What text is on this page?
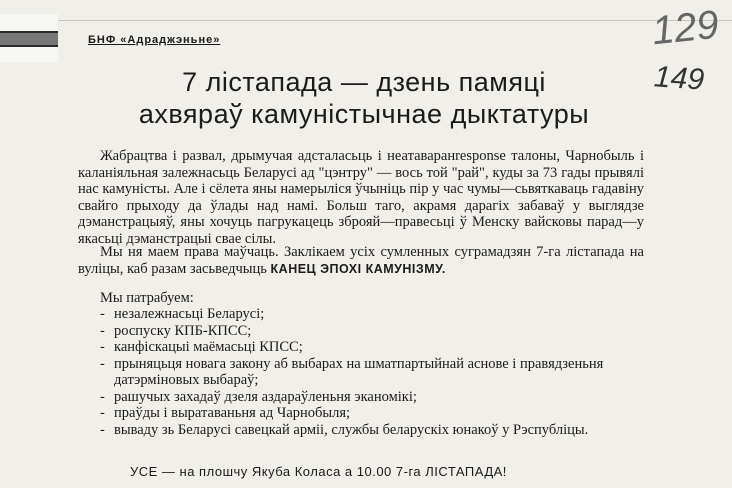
БНФ «Адраджэньне»	129
149
7 лістапада — дзень памяці
ахвяраў камуністычнае дыктатуры
Жабрацтва і развал, дрымучая адсталасьць і неатаваранresponse талоны, Чарнобыль і каланіяльная залежнасьць Беларусі ад "цэнтру" — вось той "рай", куды за 73 гады прывялі нас камуністы. Але і сёлета яны намерыліся ўчыніць пір у час чумы—сьвяткаваць гадавіну свайго прыходу да ўлады над намі. Больш таго, акрамя дарагіх забаваў у выглядзе дэманстрацыяў, яны хочуць пагрукацець зброяй—правесьці ў Менску вайсковы парад—у якасьці дэманстрацыі свае сілы.
Мы ня маем права маўчаць. Заклікаем усіх сумленных суграмадзян 7-га лістапада на вуліцы, каб разам засьведчыць КАНЕЦ ЭПОХІ КАМУНІЗМУ.
Мы патрабуем:
- незалежнасьці Беларусі;
- роспуску КПБ-КПСС;
- канфіскацыі маёмасьці КПСС;
- прыняцьця новага закону аб выбарах на шматпартыйнай аснове і правядзеньня датэрміновых выбараў;
- рашучых захадаў дзеля аздараўленьня эканомікі;
- праўды і выратаваньня ад Чарнобыля;
- вываду зь Беларусі савецкай арміі, службы беларускіх юнакоў у Рэспубліцы.
УСЕ — на плошчу Якуба Коласа а 10.00 7-га ЛІСТАПАДА!
